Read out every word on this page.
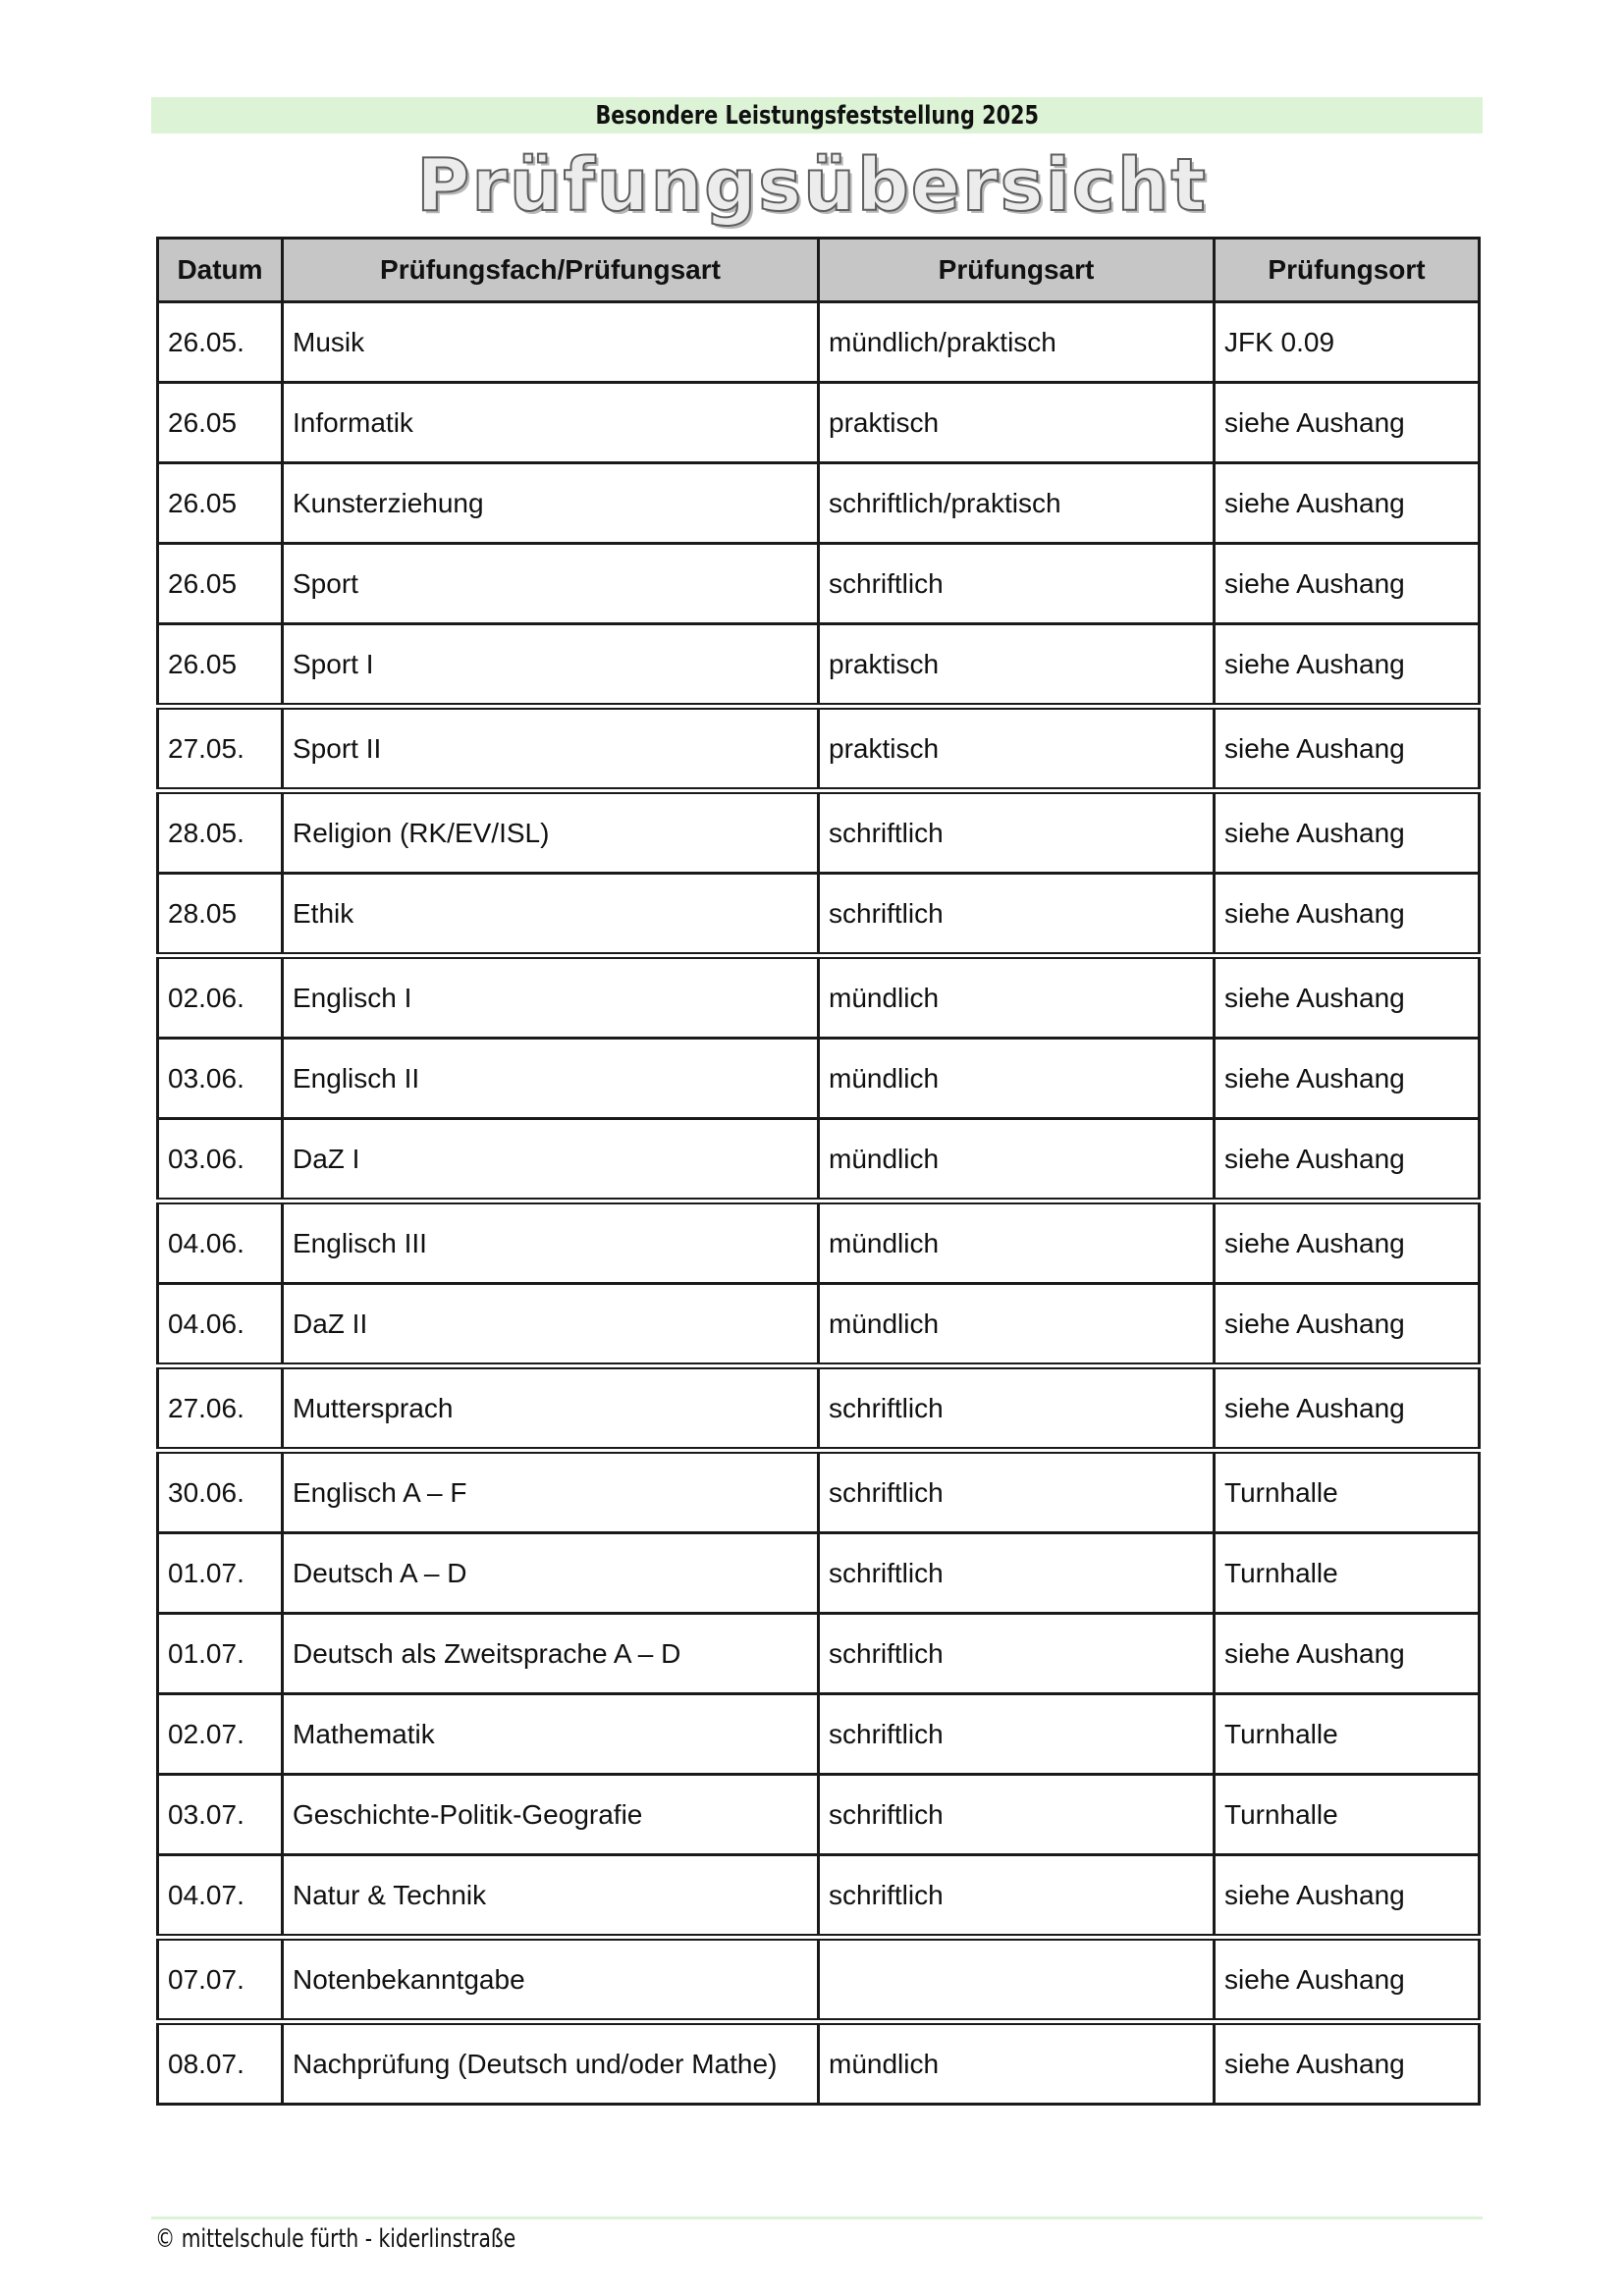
Besondere Leistungsfeststellung 2025
Prüfungsübersicht
Datum	Prüfungsfach/Prüfungsart	Prüfungsart	Prüfungsort
26.05.	Musik	mündlich/praktisch	JFK 0.09
26.05	Informatik	praktisch	siehe Aushang
26.05	Kunsterziehung	schriftlich/praktisch	siehe Aushang
26.05	Sport	schriftlich	siehe Aushang
26.05	Sport I	praktisch	siehe Aushang
27.05.	Sport II	praktisch	siehe Aushang
28.05.	Religion (RK/EV/ISL)	schriftlich	siehe Aushang
28.05	Ethik	schriftlich	siehe Aushang
02.06.	Englisch I	mündlich	siehe Aushang
03.06.	Englisch II	mündlich	siehe Aushang
03.06.	DaZ I	mündlich	siehe Aushang
04.06.	Englisch III	mündlich	siehe Aushang
04.06.	DaZ II	mündlich	siehe Aushang
27.06.	Muttersprach	schriftlich	siehe Aushang
30.06.	Englisch A – F	schriftlich	Turnhalle
01.07.	Deutsch A – D	schriftlich	Turnhalle
01.07.	Deutsch als Zweitsprache A – D	schriftlich	siehe Aushang
02.07.	Mathematik	schriftlich	Turnhalle
03.07.	Geschichte-Politik-Geografie	schriftlich	Turnhalle
04.07.	Natur & Technik	schriftlich	siehe Aushang
07.07.	Notenbekanntgabe		siehe Aushang
08.07.	Nachprüfung (Deutsch und/oder Mathe)	mündlich	siehe Aushang
© mittelschule fürth - kiderlinstraße
